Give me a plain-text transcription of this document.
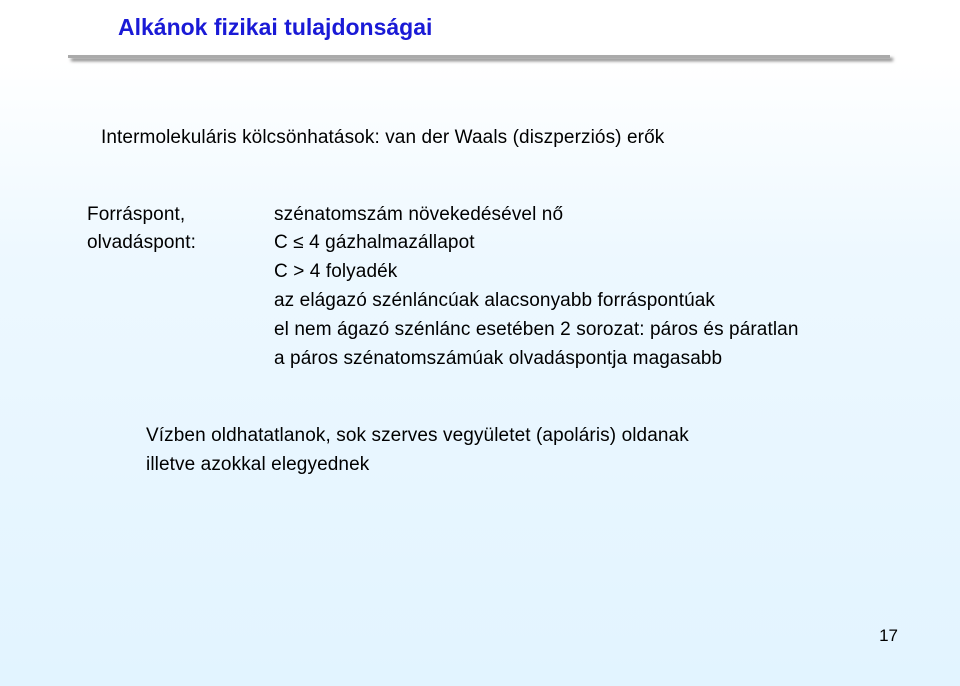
Alkánok fizikai tulajdonságai
Intermolekuláris kölcsönhatások: van der Waals (diszperziós) erők
Forráspont,
olvadáspont:
szénatomszám növekedésével nő
C ≤ 4 gázhalmazállapot
C > 4 folyadék
az elágazó szénláncúak alacsonyabb forráspontúak
el nem ágazó szénlánc esetében 2 sorozat: páros és páratlan
a páros szénatomszámúak olvadáspontja magasabb
Vízben oldhatatlanok, sok szerves vegyületet (apoláris) oldanak
illetve azokkal elegyednek
17
